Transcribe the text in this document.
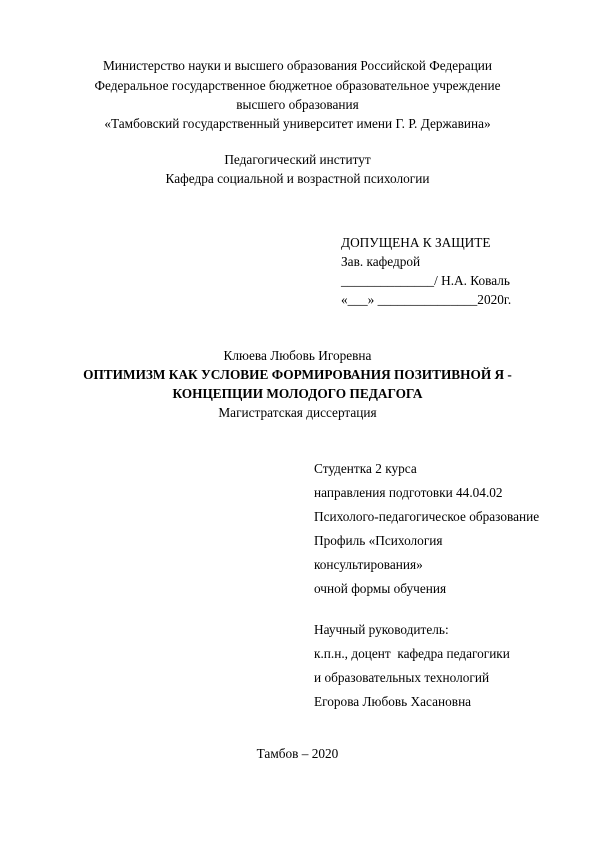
Министерство науки и высшего образования Российской Федерации
Федеральное государственное бюджетное образовательное учреждение
высшего образования
«Тамбовский государственный университет имени Г. Р. Державина»
Педагогический институт
Кафедра социальной и возрастной психологии
ДОПУЩЕНА К ЗАЩИТЕ
Зав. кафедрой
______________/ Н.А. Коваль
«___» _______________2020г.
Клюева Любовь Игоревна
ОПТИМИЗМ КАК УСЛОВИЕ ФОРМИРОВАНИЯ ПОЗИТИВНОЙ Я -
КОНЦЕПЦИИ МОЛОДОГО ПЕДАГОГА
Магистратская диссертация
Студентка 2 курса
направления подготовки 44.04.02
Психолого-педагогическое образование
Профиль «Психология
консультирования»
очной формы обучения
Научный руководитель:
к.п.н., доцент  кафедра педагогики
и образовательных технологий
Егорова Любовь Хасановна
Тамбов – 2020
